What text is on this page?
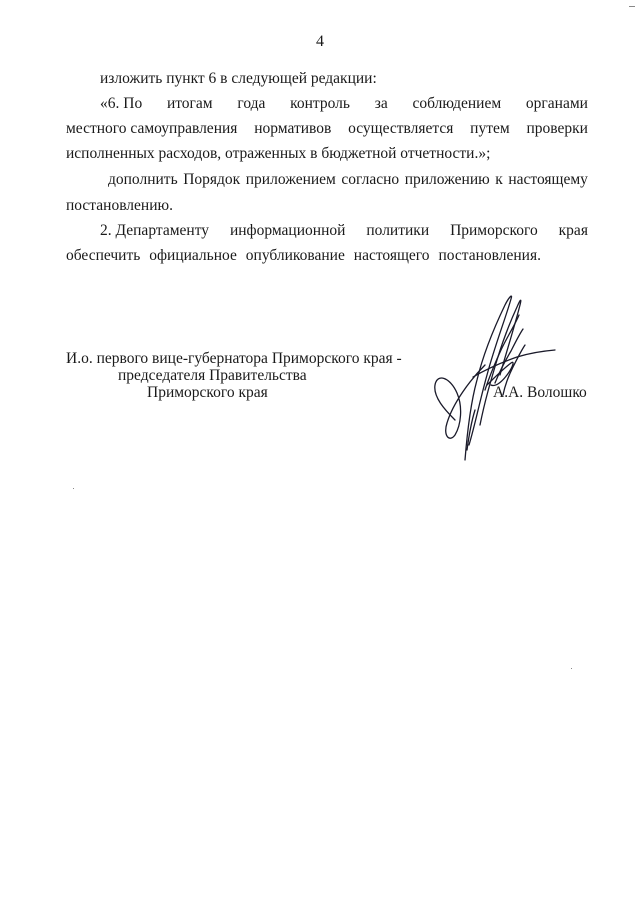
4
изложить пункт 6 в следующей редакции:
«6. По итогам года контроль за соблюдением органами
местного самоуправления нормативов осуществляется путем проверки
исполненных расходов, отраженных в бюджетной отчетности.»;
дополнить Порядок приложением согласно приложению к настоящему
постановлению.
2. Департаменту информационной политики Приморского края
обеспечить официальное опубликование настоящего постановления.
И.о. первого вице-губернатора Приморского края -
председателя Правительства
Приморского края	А.А. Волошко
